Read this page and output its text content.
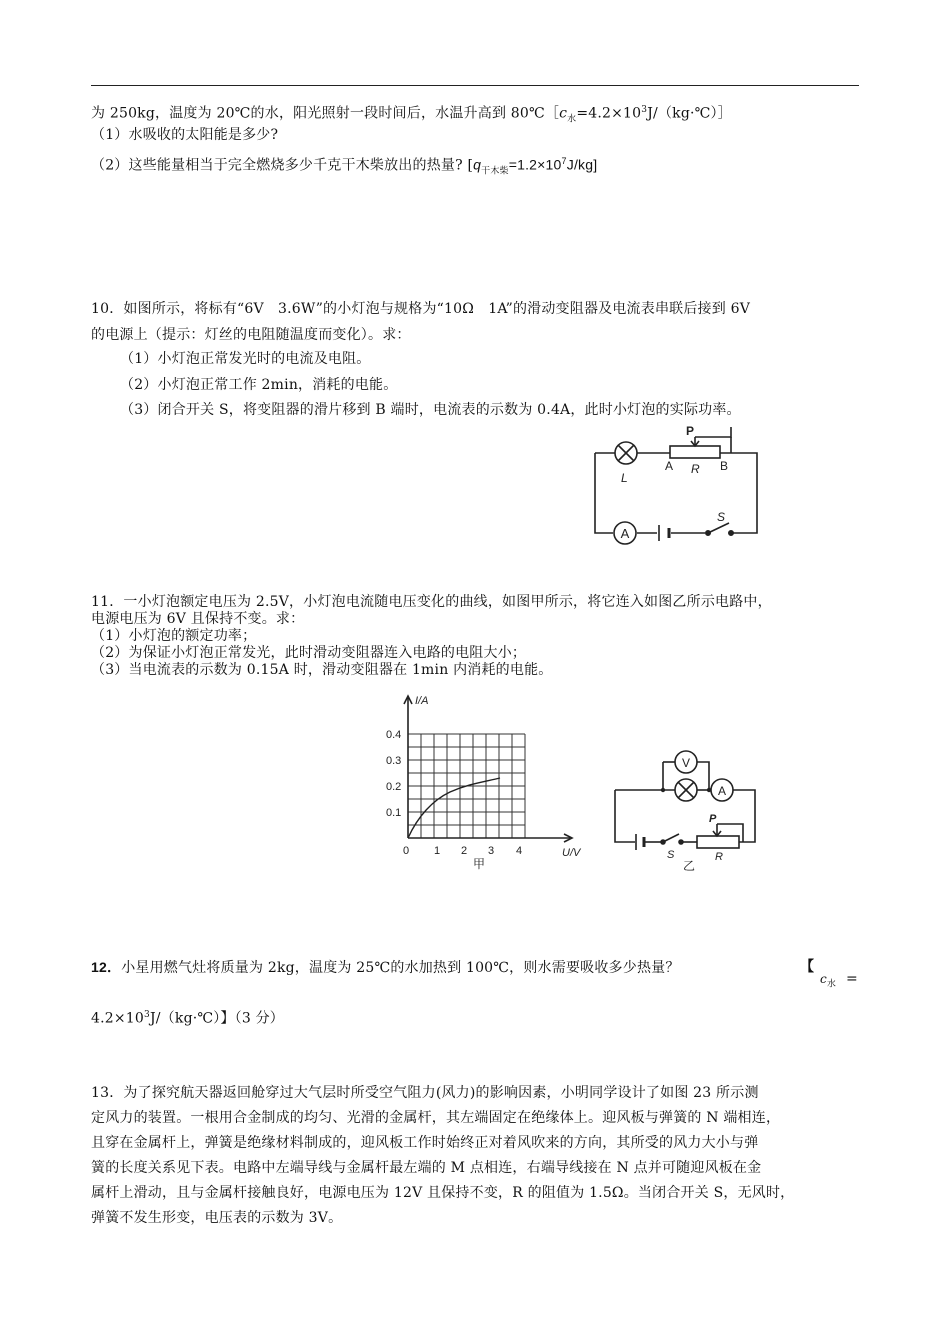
为 250kg，温度为 20℃的水，阳光照射一段时间后，水温升高到 $80℃[c_水=4.2\times 10^3J/(kg\cdot℃)]$
（1）水吸收的太阳能是多少?
（2）这些能量相当于完全燃烧多少千克干木柴放出的热量? $[q_{干木柴}=1.2\times 10^7J/kg]$
10．如图所示，将标有“6V　3.6W”的小灯泡与规格为“10Ω　1A”的滑动变阻器及电流表串联后接到 6V
的电源上（提示：灯丝的电阻随温度而变化）。求：
（1）小灯泡正常发光时的电流及电阻。
（2）小灯泡正常工作 2min，消耗的电能。
（3）闭合开关 S，将变阻器的滑片移到 B 端时，电流表的示数为 0.4A，此时小灯泡的实际功率。
A
P
A R B
L
S
11．一小灯泡额定电压为 2.5V，小灯泡电流随电压变化的曲线，如图甲所示，将它连入如图乙所示电路中，
电源电压为 6V 且保持不变。求：
（1）小灯泡的额定功率；
（2）为保证小灯泡正常发光，此时滑动变阻器连入电路的电阻大小；
（3）当电流表的示数为 0.15A 时，滑动变阻器在 1min 内消耗的电能。
I/A
U/V
0.4
0.3
0.2
0.1
0 1 2 3 4
甲
V
A
P
S	R
乙
12．小星用燃气灶将质量为 2kg，温度为 25℃的水加热到 100℃，则水需要吸收多少热量？	【
$c_水$ =
$4.2\times 10^3J/(kg\cdot℃)$】（3 分）
13．为了探究航天器返回舱穿过大气层时所受空气阻力(风力)的影响因素，小明同学设计了如图 23 所示测
定风力的装置。一根用合金制成的均匀、光滑的金属杆，其左端固定在绝缘体上。迎风板与弹簧的 N 端相连，
且穿在金属杆上，弹簧是绝缘材料制成的，迎风板工作时始终正对着风吹来的方向，其所受的风力大小与弹
簧的长度关系见下表。电路中左端导线与金属杆最左端的 M 点相连，右端导线接在 N 点并可随迎风板在金
属杆上滑动，且与金属杆接触良好，电源电压为 12V 且保持不变，R 的阻值为 1.5Ω。当闭合开关 S，无风时，
弹簧不发生形变，电压表的示数为 3V。
